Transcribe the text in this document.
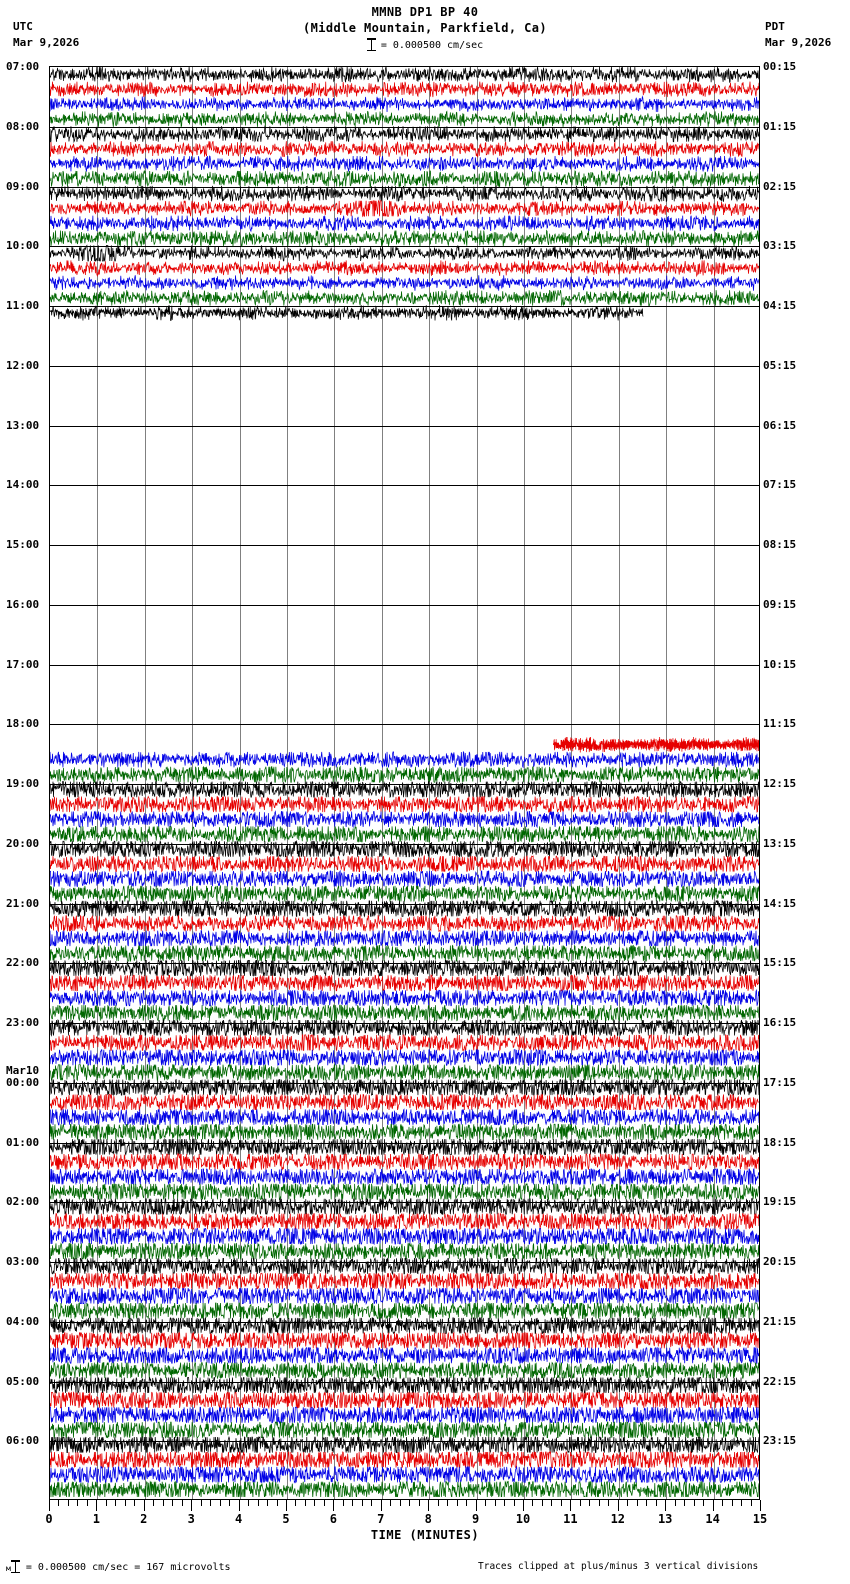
MMNB DP1 BP 40
(Middle Mountain, Parkfield, Ca)
UTC
Mar 9,2026
PDT
Mar 9,2026
= 0.000500 cm/sec
07:00	00:15
08:00	01:15
09:00	02:15
10:00	03:15
11:00	04:15
12:00	05:15
13:00	06:15
14:00	07:15
15:00	08:15
16:00	09:15
17:00	10:15
18:00	11:15
19:00	12:15
20:00	13:15
21:00	14:15
22:00	15:15
23:00	16:15
00:00	17:15
Mar10
01:00	18:15
02:00	19:15
03:00	20:15
04:00	21:15
05:00	22:15
06:00	23:15
0	1	2	3	4	5	6	7	8	9	10	11	12	13	14	15
TIME (MINUTES)
м = 0.000500 cm/sec = 167 microvolts	Traces clipped at plus/minus 3 vertical divisions
